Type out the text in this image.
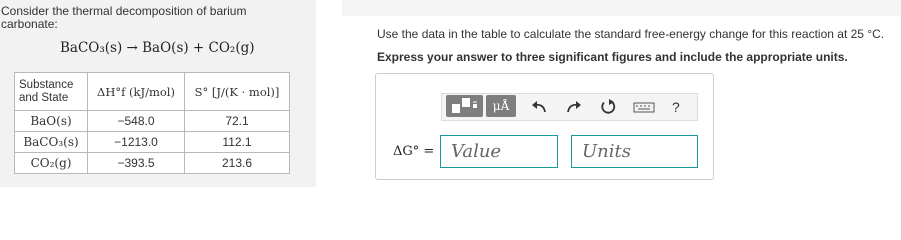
Consider the thermal decomposition of barium carbonate:
BaCO₃(s) → BaO(s) + CO₂(g)
Substance and State	ΔH°f (kJ/mol)	S° [J/(K · mol)]
BaO(s)	−548.0	72.1
BaCO₃(s)	−1213.0	112.1
CO₂(g)	−393.5	213.6
Use the data in the table to calculate the standard free-energy change for this reaction at 25 °C.
Express your answer to three significant figures and include the appropriate units.
μÅ	?
ΔG° =
Value
Units
